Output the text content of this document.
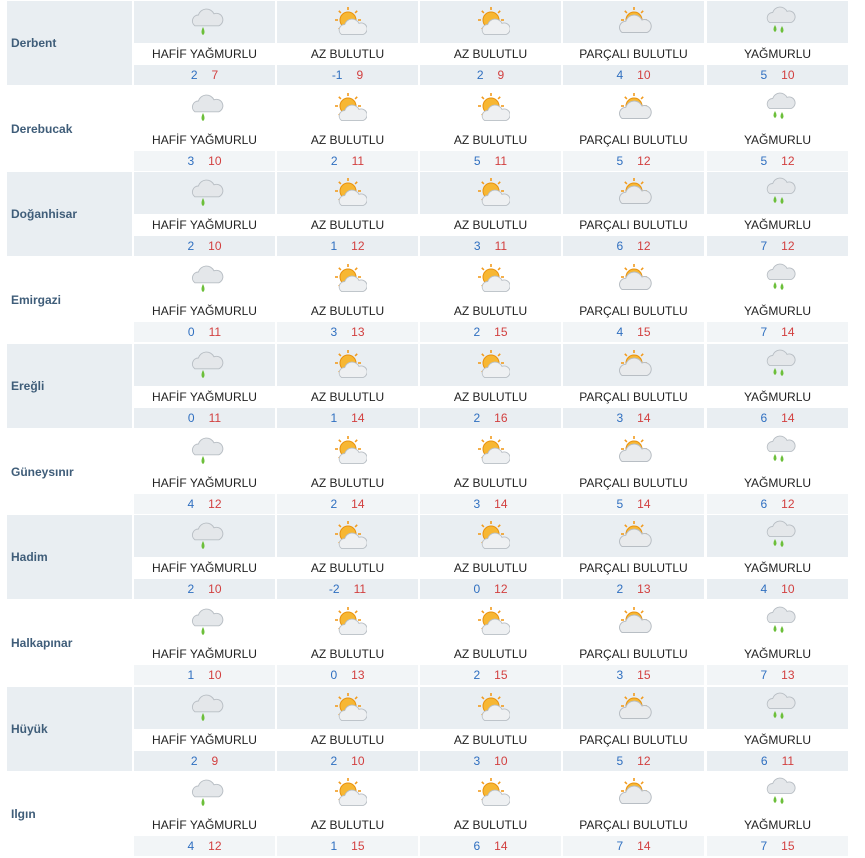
Derbent
HAFİF YAĞMURLU
2 7
AZ BULUTLU
-1 9
AZ BULUTLU
2 9
PARÇALI BULUTLU
4 10
YAĞMURLU
5 10
Derebucak
HAFİF YAĞMURLU
3 10
AZ BULUTLU
2 11
AZ BULUTLU
5 11
PARÇALI BULUTLU
5 12
YAĞMURLU
5 12
Doğanhisar
HAFİF YAĞMURLU
2 10
AZ BULUTLU
1 12
AZ BULUTLU
3 11
PARÇALI BULUTLU
6 12
YAĞMURLU
7 12
Emirgazi
HAFİF YAĞMURLU
0 11
AZ BULUTLU
3 13
AZ BULUTLU
2 15
PARÇALI BULUTLU
4 15
YAĞMURLU
7 14
Ereğli
HAFİF YAĞMURLU
0 11
AZ BULUTLU
1 14
AZ BULUTLU
2 16
PARÇALI BULUTLU
3 14
YAĞMURLU
6 14
Güneysınır
HAFİF YAĞMURLU
4 12
AZ BULUTLU
2 14
AZ BULUTLU
3 14
PARÇALI BULUTLU
5 14
YAĞMURLU
6 12
Hadim
HAFİF YAĞMURLU
2 10
AZ BULUTLU
-2 11
AZ BULUTLU
0 12
PARÇALI BULUTLU
2 13
YAĞMURLU
4 10
Halkapınar
HAFİF YAĞMURLU
1 10
AZ BULUTLU
0 13
AZ BULUTLU
2 15
PARÇALI BULUTLU
3 15
YAĞMURLU
7 13
Hüyük
HAFİF YAĞMURLU
2 9
AZ BULUTLU
2 10
AZ BULUTLU
3 10
PARÇALI BULUTLU
5 12
YAĞMURLU
6 11
Ilgın
HAFİF YAĞMURLU
4 12
AZ BULUTLU
1 15
AZ BULUTLU
6 14
PARÇALI BULUTLU
7 14
YAĞMURLU
7 15
